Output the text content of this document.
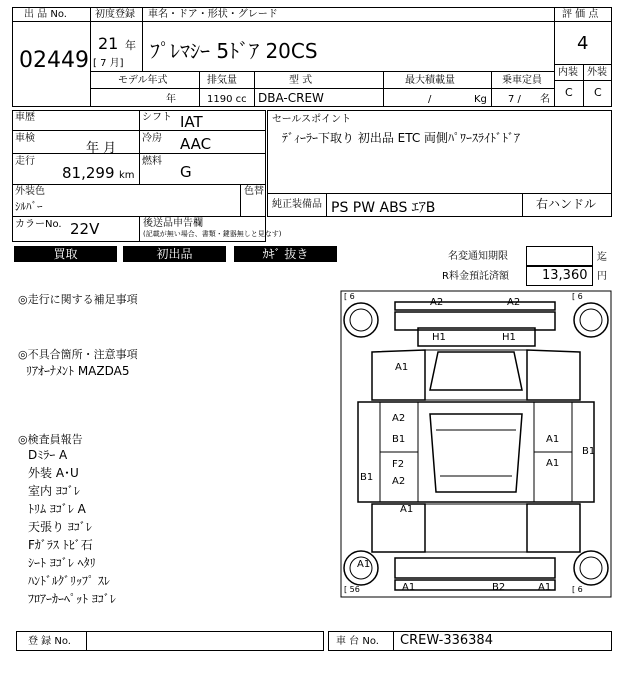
出 品 No.
02449
初度登録
21 年
[ 7 月]
車名・ドア・形状・グレード
ﾌﾟﾚﾏｼｰ 5ﾄﾞｱ 20CS
評 価 点
4
内装 外装
C C
モデル年式
年
排気量
1190 cc
型 式
DBA-CREW
最大積載量
/	Kg
乗車定員
7 / 名
車歴
車検
年 月
走行
81,299 km
シフト IAT
冷房 AAC
燃料
G
セールスポイント
ﾃﾞｨｰﾗｰ下取り 初出品 ETC 両側ﾊﾟﾜｰｽﾗｲﾄﾞﾄﾞｱ
外装色
ｼﾙﾊﾞｰ
色替
カラーNo. 22V	後送品申告欄
(記載が無い場合、書類・鍵器無しと見なす)
純正装備品 PS PW ABS ｴｱB	右ハンドル
買取	初出品	ｶｷﾞ 抜き	名変通知期限	迄
R料金預託済額	13,360 円
◎走行に関する補足事項
◎不具合箇所・注意事項
ﾘｱｵｰﾅﾒﾝﾄ MAZDA5
◎検査員報告
Dﾐﾗｰ A
外装 A･U
室内 ﾖｺﾞﾚ
ﾄﾘﾑ ﾖｺﾞﾚ A
天張り ﾖｺﾞﾚ
Fｶﾞﾗｽ ﾄﾋﾞ石
ｼｰﾄ ﾖｺﾞﾚ ﾍﾀﾘ
ﾊﾝﾄﾞﾙｸﾞﾘｯﾌﾟ ｽﾚ
ﾌﾛｱｰｶｰﾍﾟｯﾄ ﾖｺﾞﾚ
A2	A2
H1	H1
A1
A2
B1	A1
B1
F2	A1
A2
B1
A1
A1
A1	B2	A1
[ 6	[ 6
[ 56	[ 6
登 録 No.	車 台 No. CREW-336384
